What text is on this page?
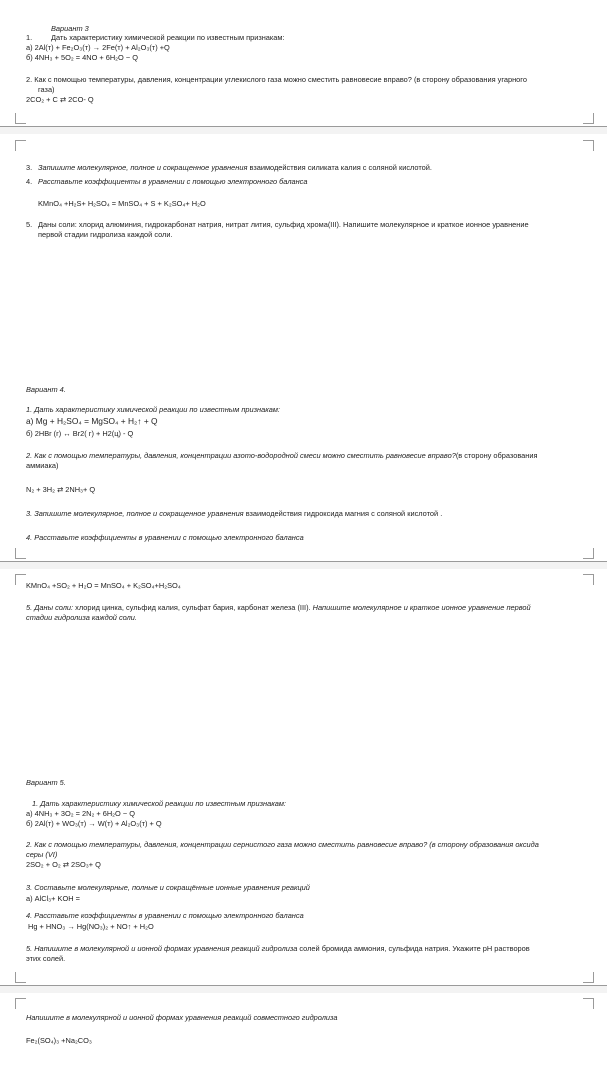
Вариант 3
1.	Дать характеристику химической реакции по известным признакам:
а) 2Al(т) + Fe₂O₃(т) → 2Fe(т) + Al₂O₃(т) +Q
б) 4NH₃ + 5O₂ = 4NO + 6H₂O − Q
2. Как с помощью температуры, давления, концентрации углекислого газа можно сместить равновесие вправо? (в сторону образования угарного
газа)
2CO₂ + C ⇄ 2CO- Q
3. Запишите молекулярное, полное и сокращенное уравнения взаимодействия силиката калия с соляной кислотой.
4. Расставьте коэффициенты в уравнении с помощью электронного баланса
KMnO₄ +H₂S+ H₂SO₄ = MnSO₄ + S + K₂SO₄+ H₂O
5. Даны соли: хлорид алюминия, гидрокарбонат натрия, нитрат лития, сульфид хрома(III). Напишите молекулярное и краткое ионное уравнение
первой стадии гидролиза каждой соли.
Вариант 4.
1. Дать характеристику химической реакции по известным признакам:
а) Mg + H₂SO₄ = MgSO₄ + H₂↑ + Q
б) 2HBr (г) ↔ Br2( г) + H2(ц) - Q
2. Как с помощью температуры, давления, концентрации азото-водородной смеси можно сместить равновесие вправо?(в сторону образования
аммиака)
N₂ + 3H₂ ⇄ 2NH₃+ Q
3. Запишите молекулярное, полное и сокращенное уравнения взаимодействия гидроксида магния с соляной кислотой .
4. Расставьте коэффициенты в уравнении с помощью электронного баланса
KMnO₄ +SO₂ + H₂O = MnSO₄ + K₂SO₄+H₂SO₄
5. Даны соли: хлорид цинка, сульфид калия, сульфат бария, карбонат железа (III). Напишите молекулярное и краткое ионное уравнение первой
стадии гидролиза каждой соли.
Вариант 5.
1. Дать характеристику химической реакции по известным признакам:
а) 4NH₃ + 3O₂ = 2N₂ + 6H₂O − Q
б) 2Al(т) + WO₃(т) → W(т) + Al₂O₃(т) + Q
2. Как с помощью температуры, давления, концентрации сернистого газа можно сместить равновесие вправо? (в сторону образования оксида
серы (VI)
2SO₂ + O₂ ⇄ 2SO₃+ Q
3. Составьте молекулярные, полные и сокращённые ионные уравнения реакций
а) AlCl₃+ KOH =
4. Расставьте коэффициенты в уравнении с помощью электронного баланса
Hg + HNO₃ → Hg(NO₃)₂ + NO↑ + H₂O
5. Напишите в молекулярной и ионной формах уравнения реакций гидролиза солей бромида аммония, сульфида натрия. Укажите pH растворов
этих солей.
Напишите в молекулярной и ионной формах уравнения реакций совместного гидролиза
Fe₂(SO₄)₃ +Na₂CO₃
